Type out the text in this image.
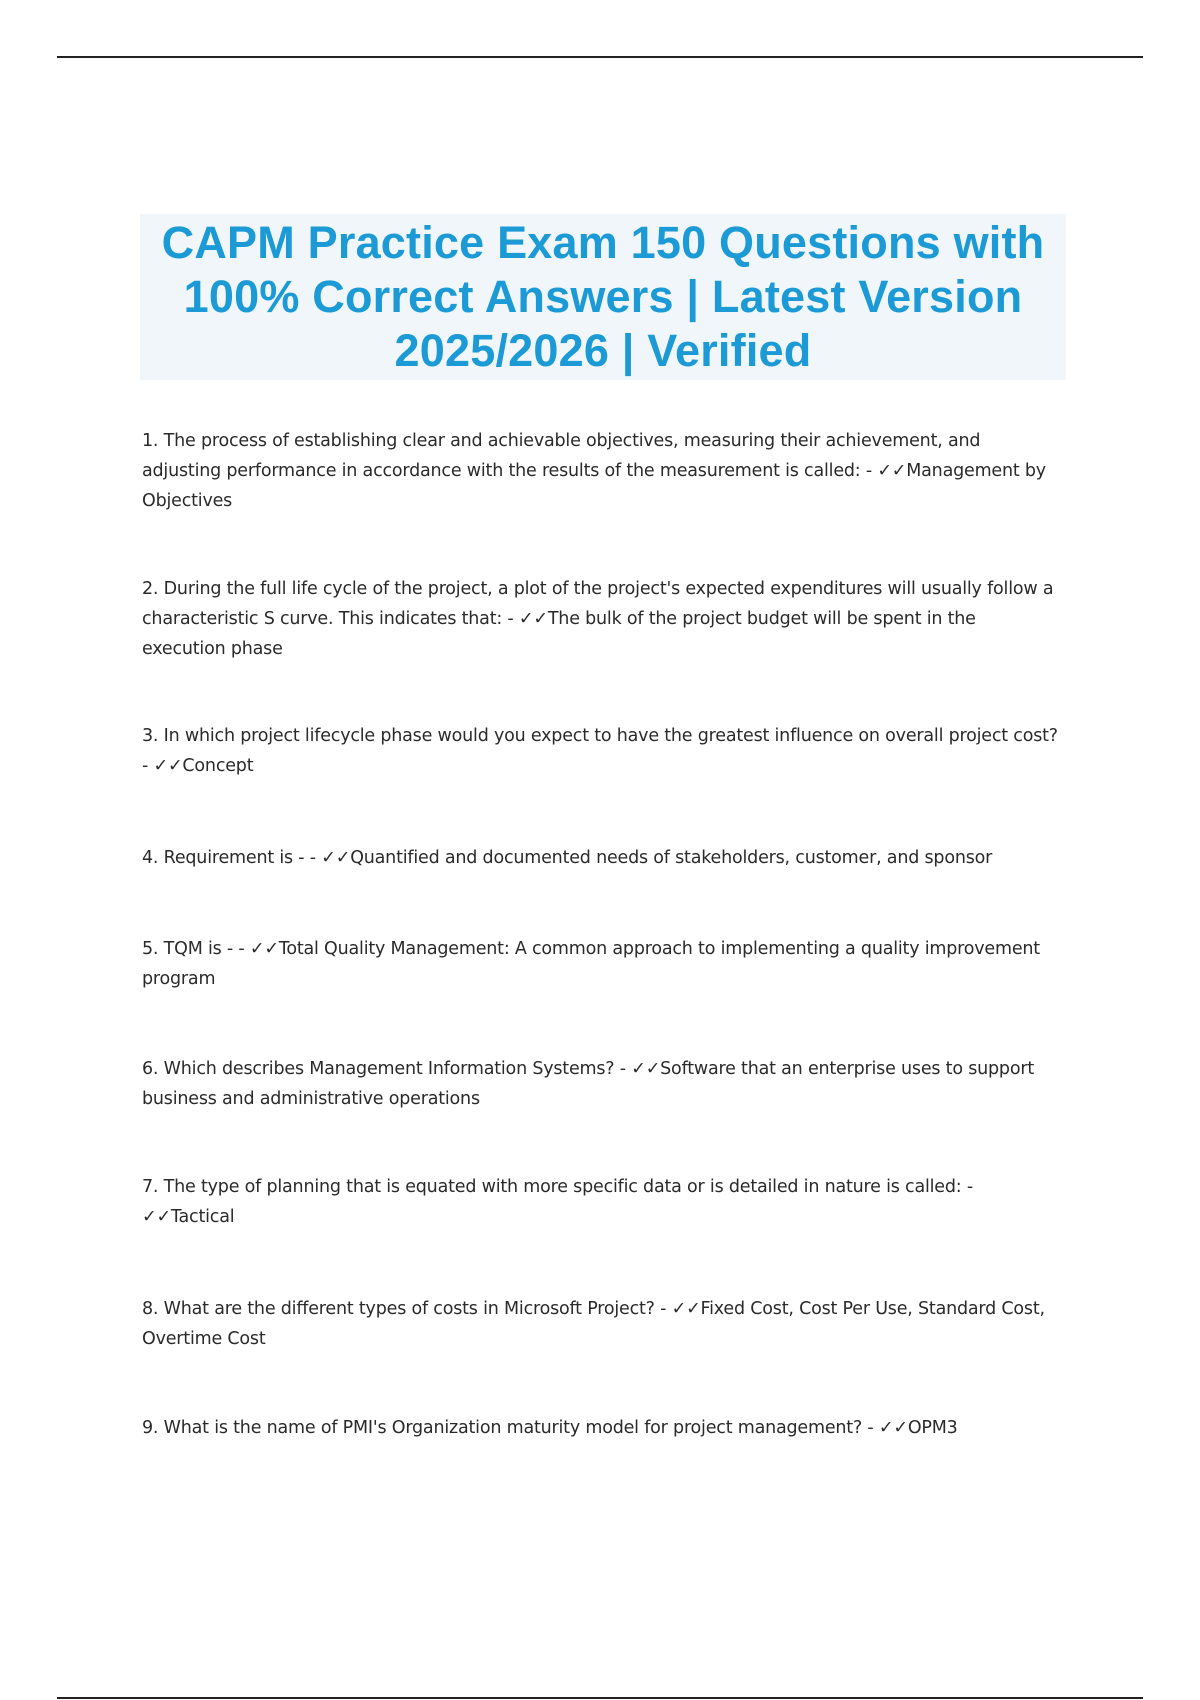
CAPM Practice Exam 150 Questions with 100% Correct Answers | Latest Version 2025/2026 | Verified
1. The process of establishing clear and achievable objectives, measuring their achievement, and adjusting performance in accordance with the results of the measurement is called: - ✓✓Management by Objectives
2. During the full life cycle of the project, a plot of the project's expected expenditures will usually follow a characteristic S curve. This indicates that: - ✓✓The bulk of the project budget will be spent in the execution phase
3. In which project lifecycle phase would you expect to have the greatest influence on overall project cost? - ✓✓Concept
4. Requirement is - - ✓✓Quantified and documented needs of stakeholders, customer, and sponsor
5. TQM is - - ✓✓Total Quality Management: A common approach to implementing a quality improvement program
6. Which describes Management Information Systems? - ✓✓Software that an enterprise uses to support business and administrative operations
7. The type of planning that is equated with more specific data or is detailed in nature is called: - ✓✓Tactical
8. What are the different types of costs in Microsoft Project? - ✓✓Fixed Cost, Cost Per Use, Standard Cost, Overtime Cost
9. What is the name of PMI's Organization maturity model for project management? - ✓✓OPM3
